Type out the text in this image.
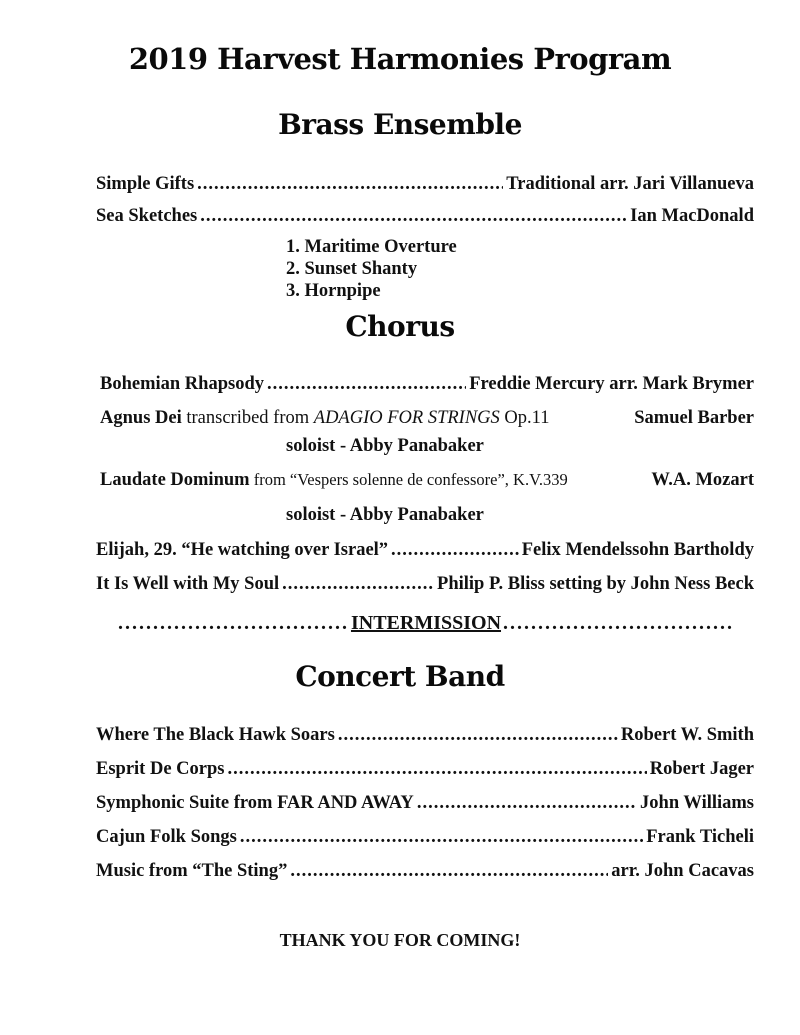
2019 Harvest Harmonies Program
Brass Ensemble
Simple Gifts .....	Traditional arr. Jari Villanueva
Sea Sketches .....	Ian MacDonald
1. Maritime Overture
2. Sunset Shanty
3. Hornpipe
Chorus
Bohemian Rhapsody .....	Freddie Mercury arr. Mark Brymer
Agnus Dei transcribed from ADAGIO FOR STRINGS Op.11	Samuel Barber
soloist - Abby Panabaker
Laudate Dominum from “Vespers solenne de confessore”, K.V.339	W.A. Mozart
soloist - Abby Panabaker
Elijah, 29. “He watching over Israel” .....	Felix Mendelssohn Bartholdy
It Is Well with My Soul .....	Philip P. Bliss setting by John Ness Beck
.....
INTERMISSION
.....
Concert Band
Where The Black Hawk Soars .....	Robert W. Smith
Esprit De Corps .....	Robert Jager
Symphonic Suite from FAR AND AWAY .....	John Williams
Cajun Folk Songs .....	Frank Ticheli
Music from “The Sting” .....	arr. John Cacavas
THANK YOU FOR COMING!
